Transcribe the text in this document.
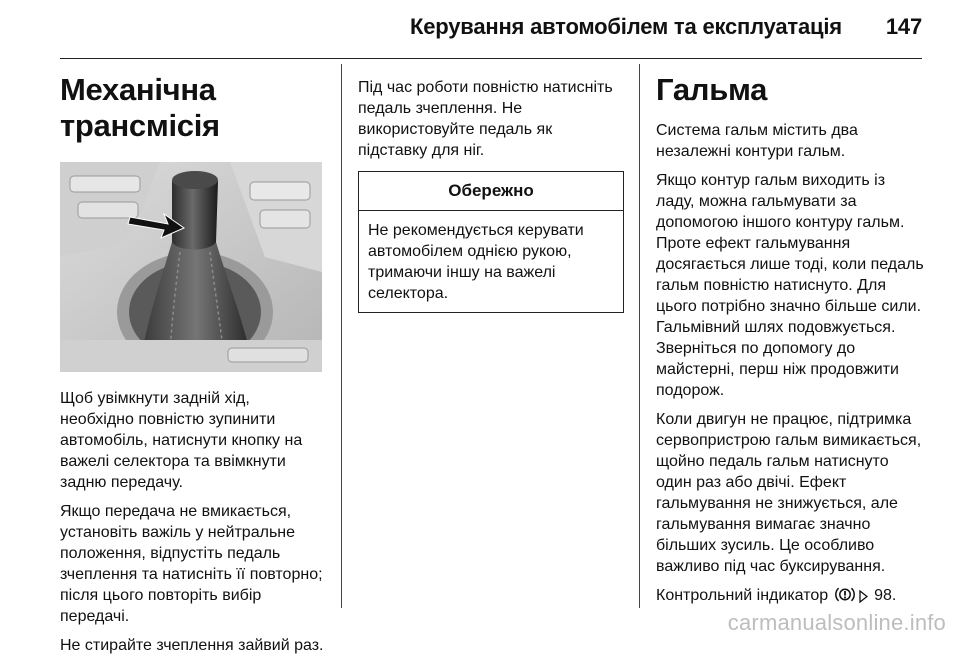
Керування автомобілем та експлуатація 147
Механічна трансмісія

Щоб увімкнути задній хід, необхідно повністю зупинити автомобіль, натиснути кнопку на важелі селектора та ввімкнути задню передачу.

Якщо передача не вмикається, установіть важіль у нейтральне положення, відпустіть педаль зчеплення та натисніть її повторно; після цього повторіть вибір передачі.

Не стирайте зчеплення зайвий раз.

Під час роботи повністю натисніть педаль зчеплення. Не використовуйте педаль як підставку для ніг.

Обережно
Не рекомендується керувати автомобілем однією рукою, тримаючи іншу на важелі селектора.
Гальма

Система гальм містить два незалежні контури гальм.

Якщо контур гальм виходить із ладу, можна гальмувати за допомогою іншого контуру гальм. Проте ефект гальмування досягається лише тоді, коли педаль гальм повністю натиснуто. Для цього потрібно значно більше сили. Гальмівний шлях подовжується. Зверніться по допомогу до майстерні, перш ніж продовжити подорож.

Коли двигун не працює, підтримка сервопристрою гальм вимикається, щойно педаль гальм натиснуто один раз або двічі. Ефект гальмування не знижується, але гальмування вимагає значно більших зусиль. Це особливо важливо під час буксирування.

Контрольний індикатор	98.

carmanualsonline.info
